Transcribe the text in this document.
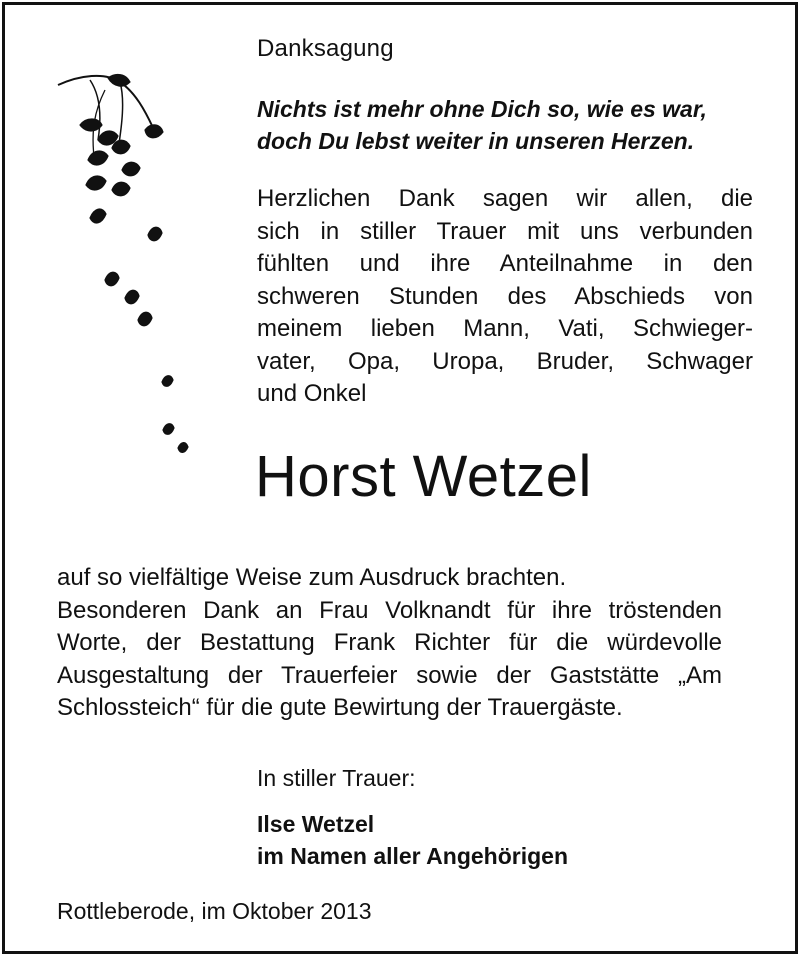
Danksagung
Nichts ist mehr ohne Dich so, wie es war,
doch Du lebst weiter in unseren Herzen.
Herzlichen Dank sagen wir allen, die
sich in stiller Trauer mit uns verbunden
fühlten und ihre Anteilnahme in den
schweren Stunden des Abschieds von
meinem lieben Mann, Vati, Schwieger-
vater, Opa, Uropa, Bruder, Schwager
und Onkel
Horst Wetzel
auf so vielfältige Weise zum Ausdruck brachten.
Besonderen Dank an Frau Volknandt für ihre tröstenden
Worte, der Bestattung Frank Richter für die würdevolle
Ausgestaltung der Trauerfeier sowie der Gaststätte „Am
Schlossteich“ für die gute Bewirtung der Trauergäste.
In stiller Trauer:
Ilse Wetzel
im Namen aller Angehörigen
Rottleberode, im Oktober 2013
